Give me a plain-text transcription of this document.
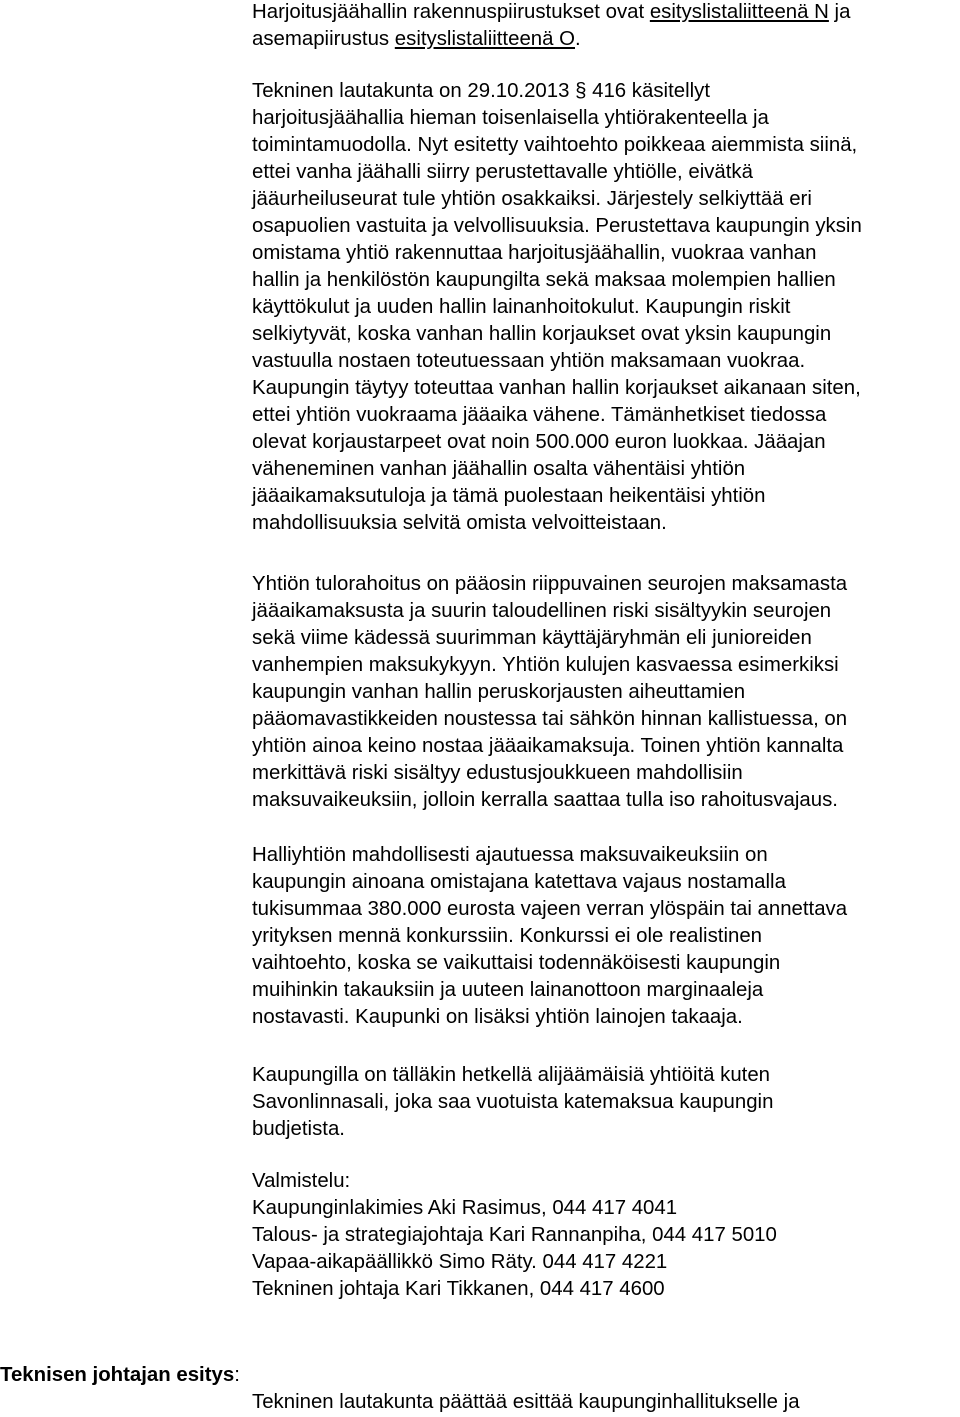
Harjoitusjäähallin rakennuspiirustukset ovat esityslistaliitteenä N ja
asemapiirustus esityslistaliitteenä O.

Tekninen lautakunta on 29.10.2013 § 416 käsitellyt
harjoitusjäähallia hieman toisenlaisella yhtiörakenteella ja
toimintamuodolla. Nyt esitetty vaihtoehto poikkeaa aiemmista siinä,
ettei vanha jäähalli siirry perustettavalle yhtiölle, eivätkä
jääurheiluseurat tule yhtiön osakkaiksi. Järjestely selkiyttää eri
osapuolien vastuita ja velvollisuuksia. Perustettava kaupungin yksin
omistama yhtiö rakennuttaa harjoitusjäähallin, vuokraa vanhan
hallin ja henkilöstön kaupungilta sekä maksaa molempien hallien
käyttökulut ja uuden hallin lainanhoitokulut. Kaupungin riskit
selkiytyvät, koska vanhan hallin korjaukset ovat yksin kaupungin
vastuulla nostaen toteutuessaan yhtiön maksamaan vuokraa.
Kaupungin täytyy toteuttaa vanhan hallin korjaukset aikanaan siten,
ettei yhtiön vuokraama jääaika vähene. Tämänhetkiset tiedossa
olevat korjaustarpeet ovat noin 500.000 euron luokkaa. Jääajan
väheneminen vanhan jäähallin osalta vähentäisi yhtiön
jääaikamaksutuloja ja tämä puolestaan heikentäisi yhtiön
mahdollisuuksia selvitä omista velvoitteistaan.

Yhtiön tulorahoitus on pääosin riippuvainen seurojen maksamasta
jääaikamaksusta ja suurin taloudellinen riski sisältyykin seurojen
sekä viime kädessä suurimman käyttäjäryhmän eli junioreiden
vanhempien maksukykyyn. Yhtiön kulujen kasvaessa esimerkiksi
kaupungin vanhan hallin peruskorjausten aiheuttamien
pääomavastikkeiden noustessa tai sähkön hinnan kallistuessa, on
yhtiön ainoa keino nostaa jääaikamaksuja. Toinen yhtiön kannalta
merkittävä riski sisältyy edustusjoukkueen mahdollisiin
maksuvaikeuksiin, jolloin kerralla saattaa tulla iso rahoitusvajaus.

Halliyhtiön mahdollisesti ajautuessa maksuvaikeuksiin on
kaupungin ainoana omistajana katettava vajaus nostamalla
tukisummaa 380.000 eurosta vajeen verran ylöspäin tai annettava
yrityksen mennä konkurssiin. Konkurssi ei ole realistinen
vaihtoehto, koska se vaikuttaisi todennäköisesti kaupungin
muihinkin takauksiin ja uuteen lainanottoon marginaaleja
nostavasti. Kaupunki on lisäksi yhtiön lainojen takaaja.

Kaupungilla on tälläkin hetkellä alijäämäisiä yhtiöitä kuten
Savonlinnasali, joka saa vuotuista katemaksua kaupungin
budjetista.

Valmistelu:
Kaupunginlakimies Aki Rasimus, 044 417 4041
Talous- ja strategiajohtaja Kari Rannanpiha, 044 417 5010
Vapaa-aikapäällikkö Simo Räty. 044 417 4221
Tekninen johtaja Kari Tikkanen, 044 417 4600

Tekninen lautakunta päättää esittää kaupunginhallitukselle ja

Teknisen johtajan esitys:
